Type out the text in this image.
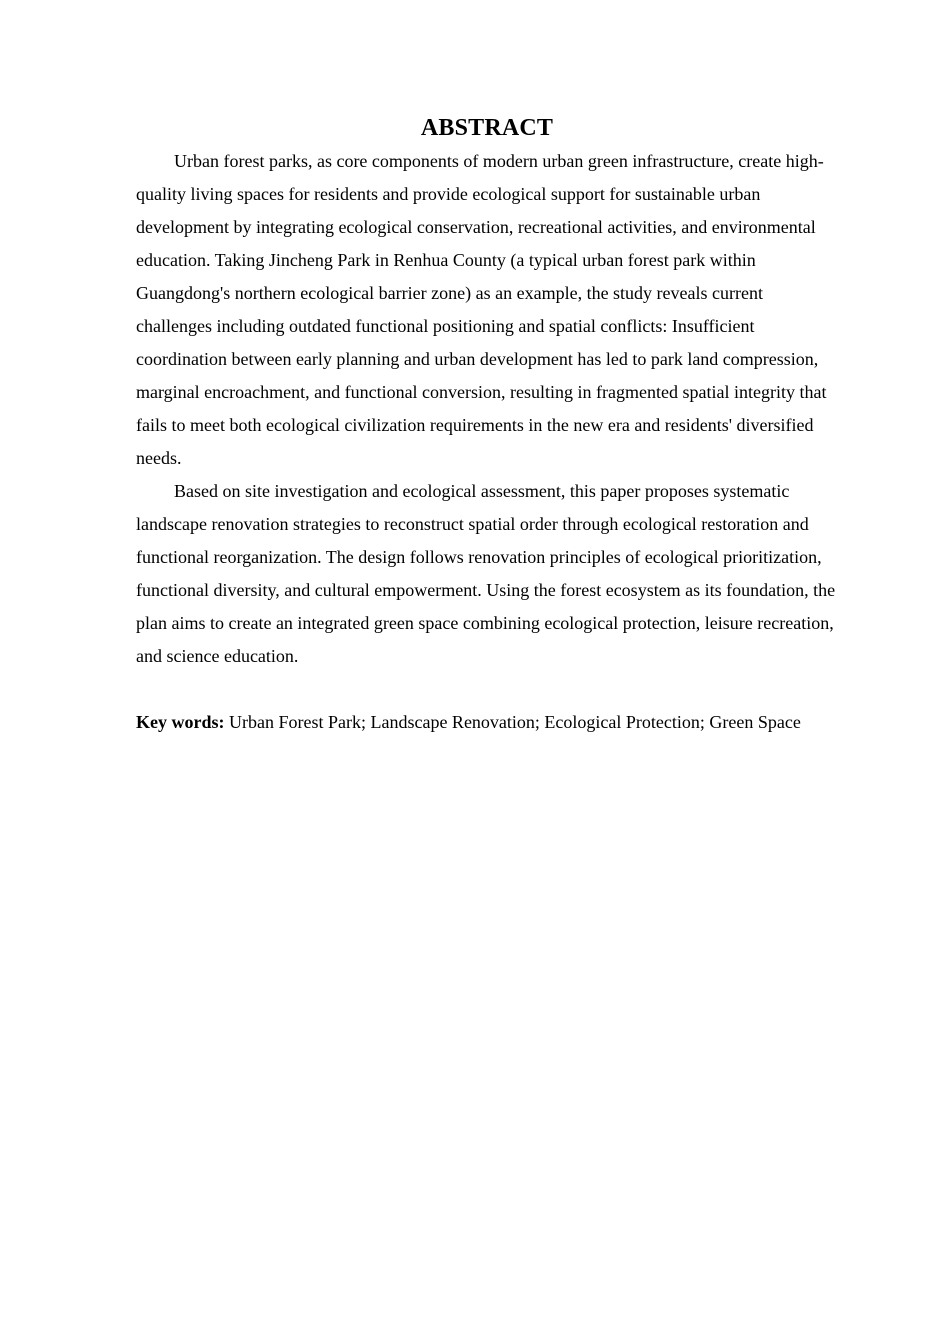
ABSTRACT

Urban forest parks, as core components of modern urban green infrastructure, create high-quality living spaces for residents and provide ecological support for sustainable urban development by integrating ecological conservation, recreational activities, and environmental education. Taking Jincheng Park in Renhua County (a typical urban forest park within Guangdong's northern ecological barrier zone) as an example, the study reveals current challenges including outdated functional positioning and spatial conflicts: Insufficient coordination between early planning and urban development has led to park land compression, marginal encroachment, and functional conversion, resulting in fragmented spatial integrity that fails to meet both ecological civilization requirements in the new era and residents' diversified needs.

Based on site investigation and ecological assessment, this paper proposes systematic landscape renovation strategies to reconstruct spatial order through ecological restoration and functional reorganization. The design follows renovation principles of ecological prioritization, functional diversity, and cultural empowerment. Using the forest ecosystem as its foundation, the plan aims to create an integrated green space combining ecological protection, leisure recreation, and science education.

Key words: Urban Forest Park; Landscape Renovation; Ecological Protection; Green Space
